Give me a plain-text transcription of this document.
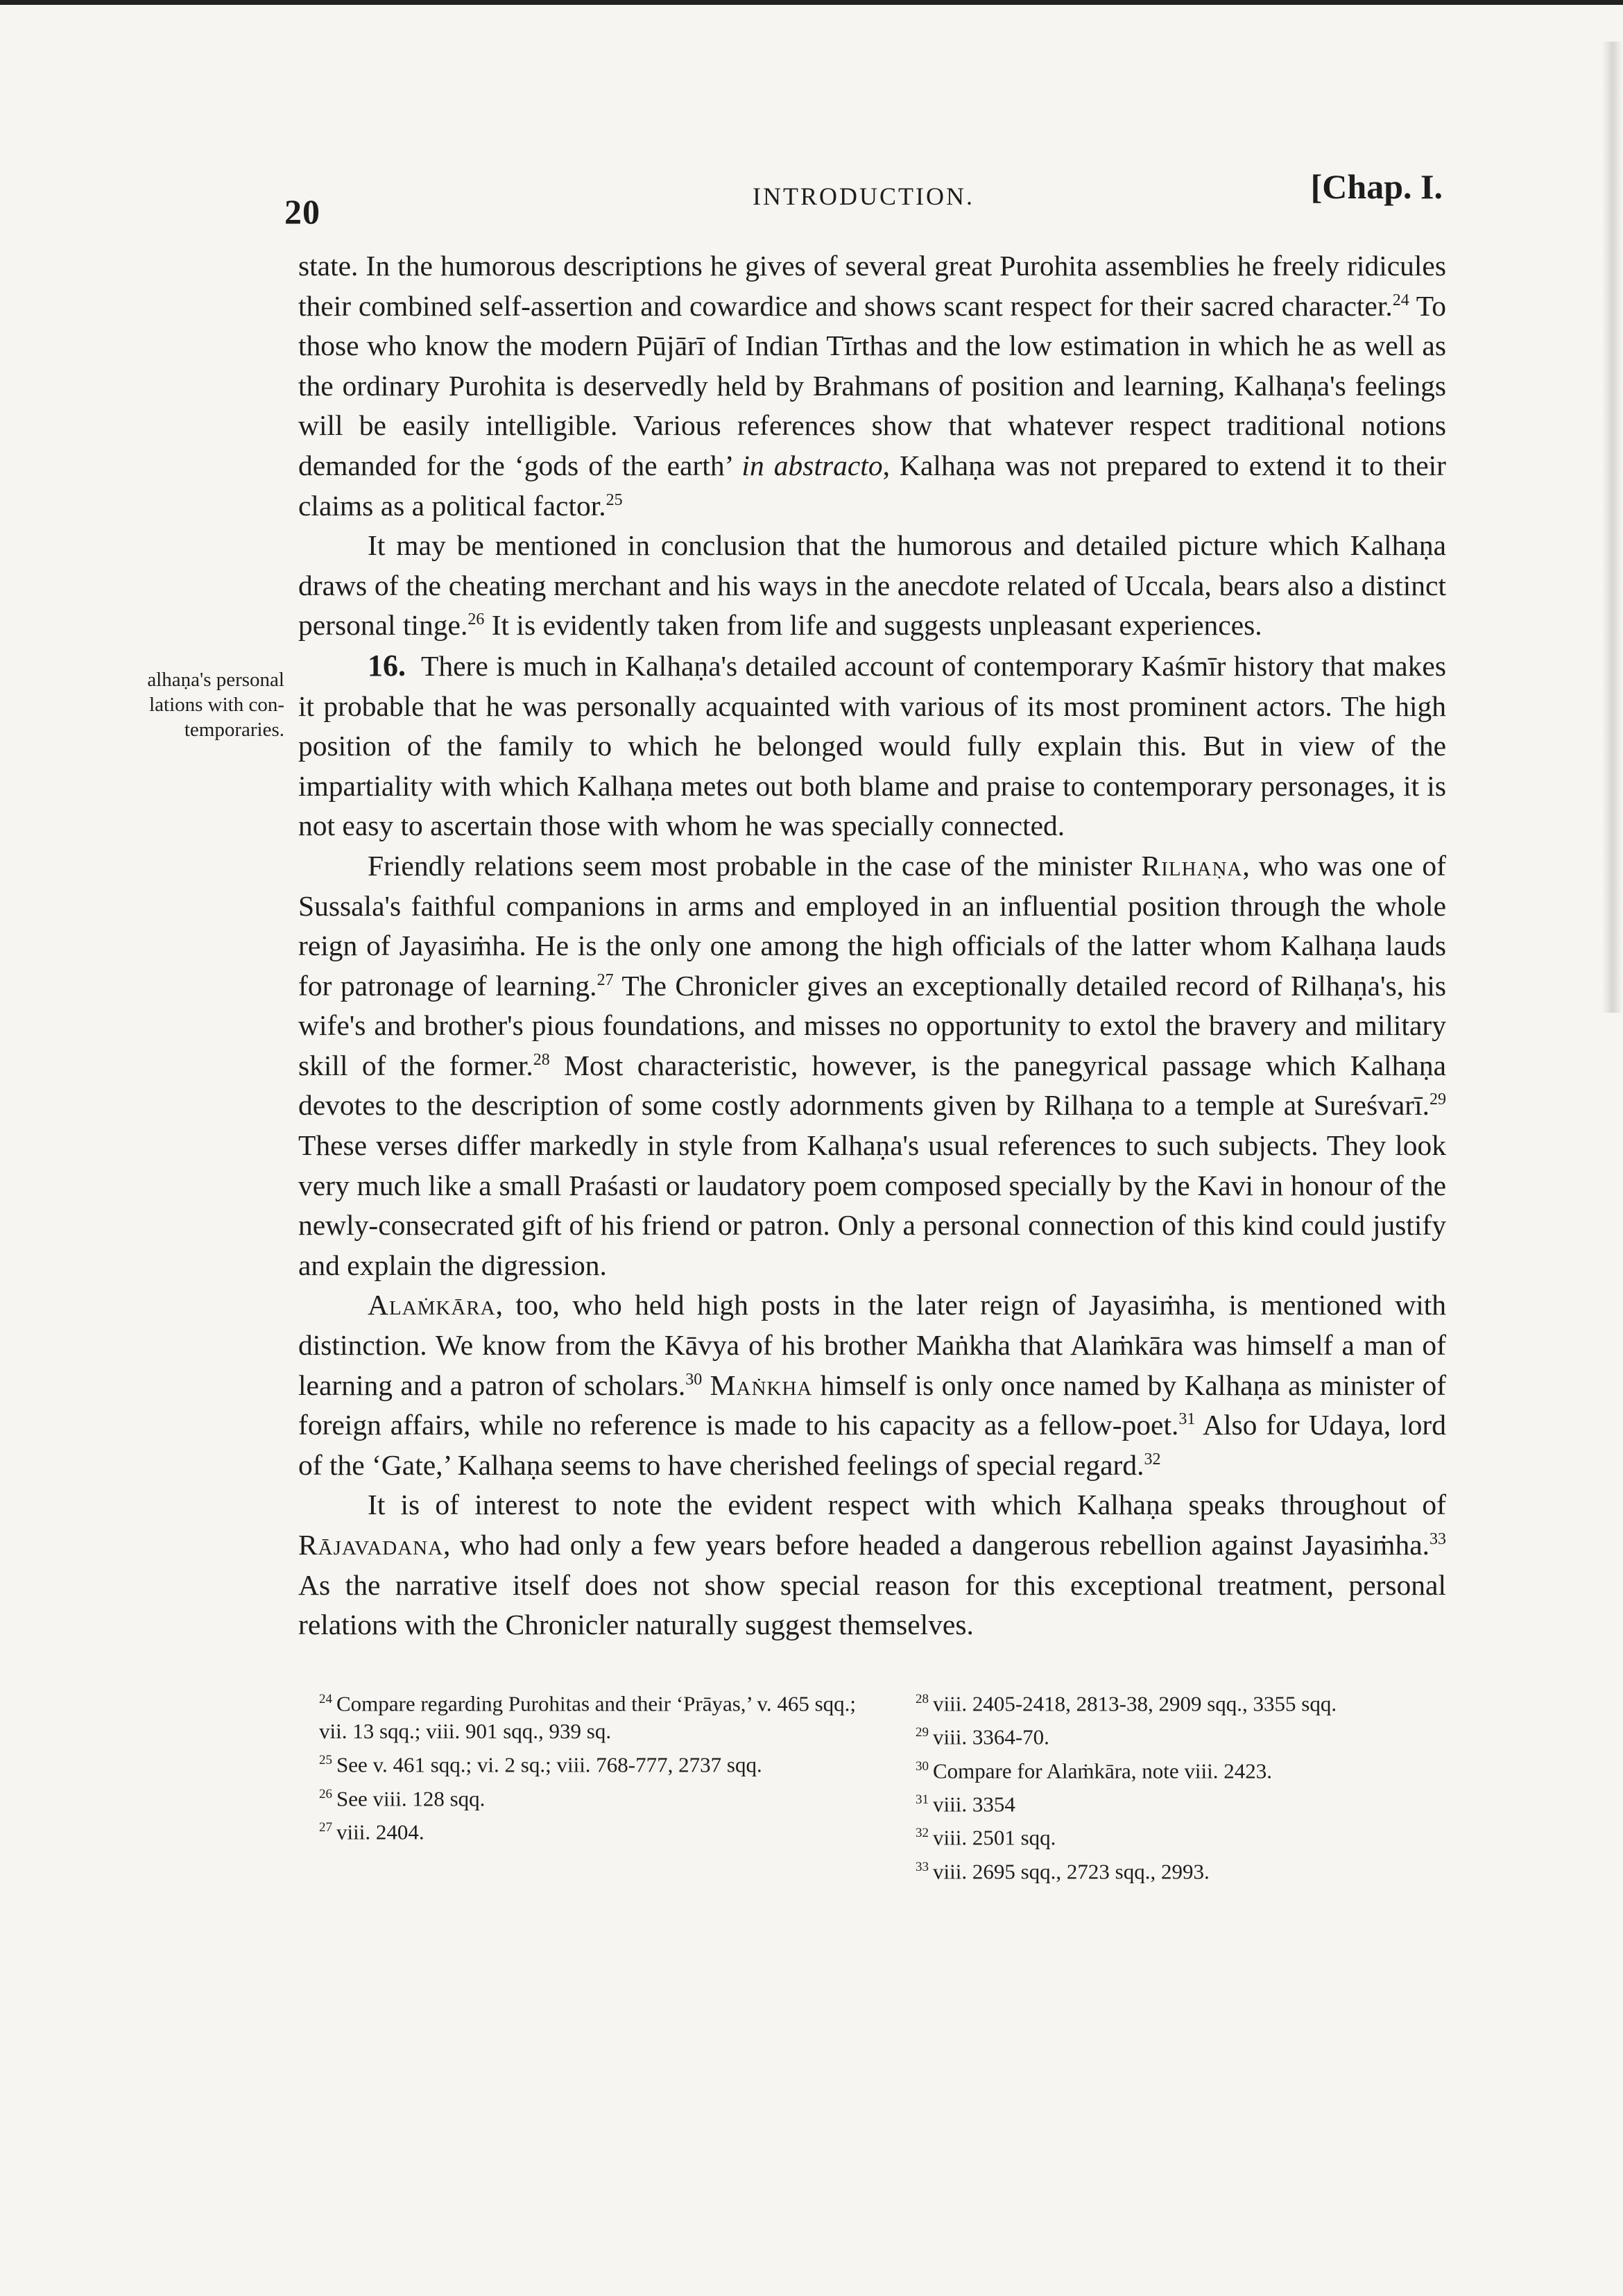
20	INTRODUCTION.	[Chap. I.
alhaṇa's personal
lations with con-
temporaries.

state. In the humorous descriptions he gives of several great Purohita assemblies he freely ridicules their combined self-assertion and cowardice and shows scant respect for their sacred character.$^{24}$ To those who know the modern Pūjārī of Indian Tīrthas and the low estimation in which he as well as the ordinary Purohita is deservedly held by Brahmans of position and learning, Kalhaṇa's feelings will be easily intelligible. Various references show that whatever respect traditional notions demanded for the ‘gods of the earth’ in abstracto, Kalhaṇa was not prepared to extend it to their claims as a political factor.$^{25}$

It may be mentioned in conclusion that the humorous and detailed picture which Kalhaṇa draws of the cheating merchant and his ways in the anecdote related of Uccala, bears also a distinct personal tinge.$^{26}$ It is evidently taken from life and suggests unpleasant experiences.

16. There is much in Kalhaṇa's detailed account of contemporary Kaśmīr history that makes it probable that he was personally acquainted with various of its most prominent actors. The high position of the family to which he belonged would fully explain this. But in view of the impartiality with which Kalhaṇa metes out both blame and praise to contemporary personages, it is not easy to ascertain those with whom he was specially connected.

Friendly relations seem most probable in the case of the minister Rilhaṇa, who was one of Sussala's faithful companions in arms and employed in an influential position through the whole reign of Jayasiṁha. He is the only one among the high officials of the latter whom Kalhaṇa lauds for patronage of learning.$^{27}$ The Chronicler gives an exceptionally detailed record of Rilhaṇa's, his wife's and brother's pious foundations, and misses no opportunity to extol the bravery and military skill of the former.$^{28}$ Most characteristic, however, is the panegyrical passage which Kalhaṇa devotes to the description of some costly adornments given by Rilhaṇa to a temple at Sureśvarī.$^{29}$ These verses differ markedly in style from Kalhaṇa's usual references to such subjects. They look very much like a small Praśasti or laudatory poem composed specially by the Kavi in honour of the newly-consecrated gift of his friend or patron. Only a personal connection of this kind could justify and explain the digression.

Alaṁkāra, too, who held high posts in the later reign of Jayasiṁha, is mentioned with distinction. We know from the Kāvya of his brother Maṅkha that Alaṁkāra was himself a man of learning and a patron of scholars.$^{30}$ Maṅkha himself is only once named by Kalhaṇa as minister of foreign affairs, while no reference is made to his capacity as a fellow-poet.$^{31}$ Also for Udaya, lord of the ‘Gate,’ Kalhaṇa seems to have cherished feelings of special regard.$^{32}$

It is of interest to note the evident respect with which Kalhaṇa speaks throughout of Rājavadana, who had only a few years before headed a dangerous rebellion against Jayasiṁha.$^{33}$ As the narrative itself does not show special reason for this exceptional treatment, personal relations with the Chronicler naturally suggest themselves.

$^{24}$ Compare regarding Purohitas and their ‘Prāyas,’ v. 465 sqq.; vii. 13 sqq.; viii. 901 sqq., 939 sq.
$^{25}$ See v. 461 sqq.; vi. 2 sq.; viii. 768-777, 2737 sqq.
$^{26}$ See viii. 128 sqq.
$^{27}$ viii. 2404.
$^{28}$ viii. 2405-2418, 2813-38, 2909 sqq., 3355 sqq.
$^{29}$ viii. 3364-70.
$^{30}$ Compare for Alaṁkāra, note viii. 2423.
$^{31}$ viii. 3354
$^{32}$ viii. 2501 sqq.
$^{33}$ viii. 2695 sqq., 2723 sqq., 2993.
